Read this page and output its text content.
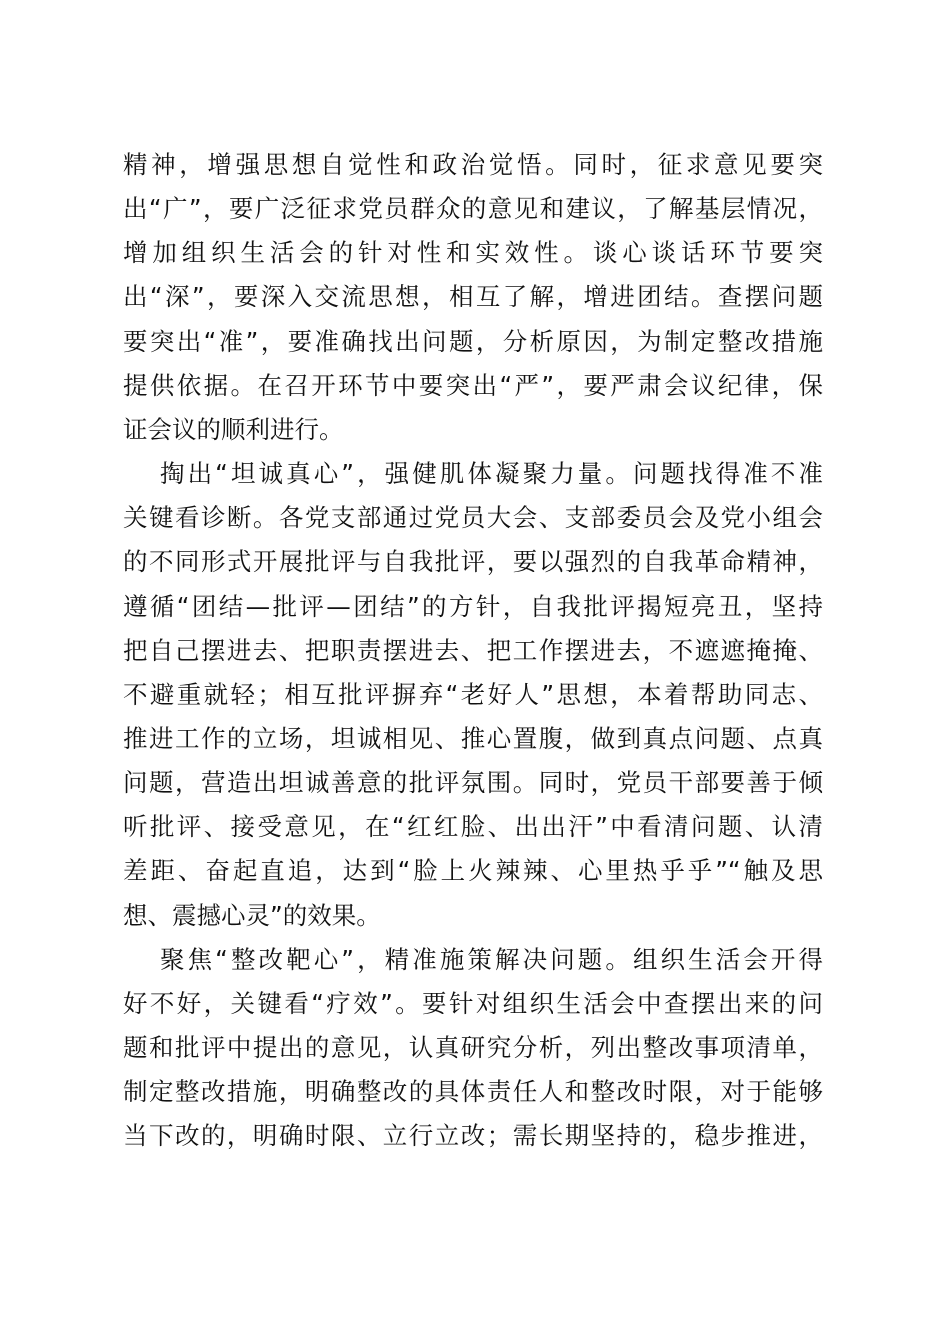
精神，增强思想自觉性和政治觉悟。同时，征求意见要突
出“广”，要广泛征求党员群众的意见和建议，了解基层情况，
增加组织生活会的针对性和实效性。谈心谈话环节要突
出“深”，要深入交流思想，相互了解，增进团结。查摆问题
要突出“准”，要准确找出问题，分析原因，为制定整改措施
提供依据。在召开环节中要突出“严”，要严肃会议纪律，保
证会议的顺利进行。
掏出“坦诚真心”，强健肌体凝聚力量。问题找得准不准
关键看诊断。各党支部通过党员大会、支部委员会及党小组会
的不同形式开展批评与自我批评，要以强烈的自我革命精神，
遵循“团结—批评—团结”的方针，自我批评揭短亮丑，坚持
把自己摆进去、把职责摆进去、把工作摆进去，不遮遮掩掩、
不避重就轻；相互批评摒弃“老好人”思想，本着帮助同志、
推进工作的立场，坦诚相见、推心置腹，做到真点问题、点真
问题，营造出坦诚善意的批评氛围。同时，党员干部要善于倾
听批评、接受意见，在“红红脸、出出汗”中看清问题、认清
差距、奋起直追，达到“脸上火辣辣、心里热乎乎”“触及思
想、震撼心灵”的效果。
聚焦“整改靶心”，精准施策解决问题。组织生活会开得
好不好，关键看“疗效”。要针对组织生活会中查摆出来的问
题和批评中提出的意见，认真研究分析，列出整改事项清单，
制定整改措施，明确整改的具体责任人和整改时限，对于能够
当下改的，明确时限、立行立改；需长期坚持的，稳步推进，
